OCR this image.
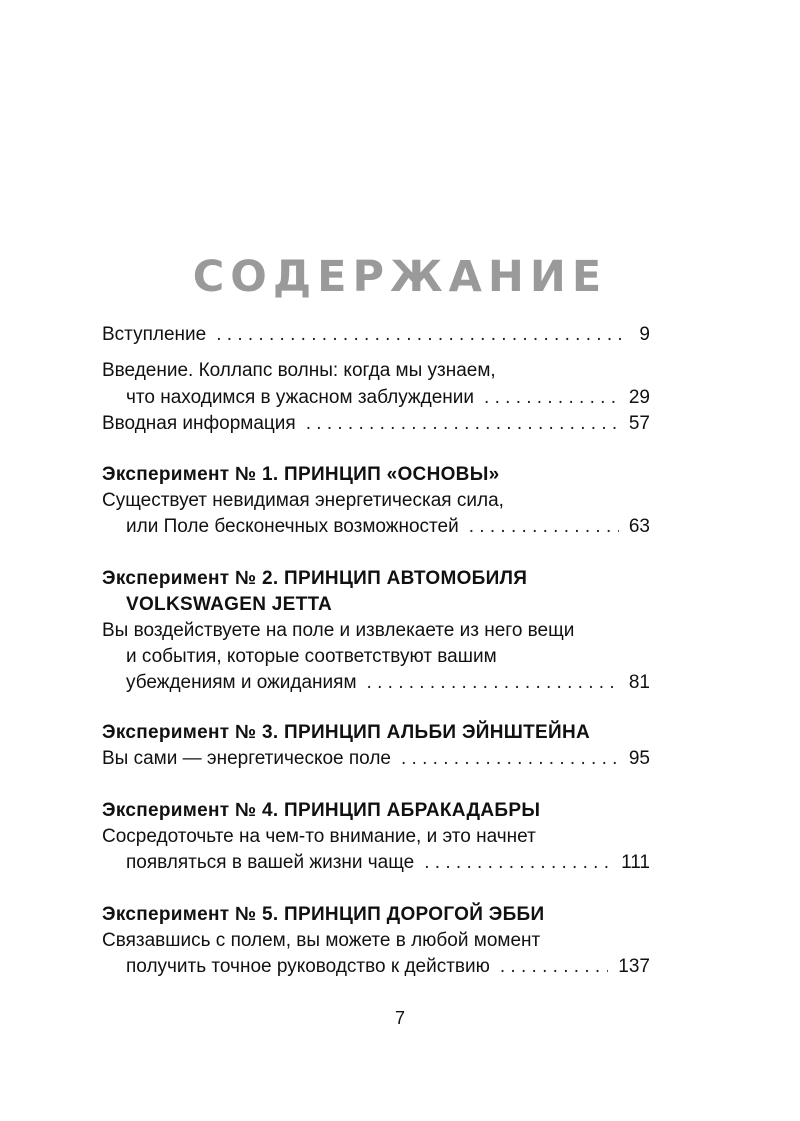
СОДЕРЖАНИЕ
Вступление . . .	9
Введение. Коллапс волны: когда мы узнаем,
что находимся в ужасном заблуждении . . .	29
Вводная информация . . .	57
Эксперимент № 1. ПРИНЦИП «ОСНОВЫ»
Существует невидимая энергетическая сила,
или Поле бесконечных возможностей . . .	63
Эксперимент № 2. ПРИНЦИП АВТОМОБИЛЯ
VOLKSWAGEN JETTA
Вы воздействуете на поле и извлекаете из него вещи
и события, которые соответствуют вашим
убеждениям и ожиданиям . . .	81
Эксперимент № 3. ПРИНЦИП АЛЬБИ ЭЙНШТЕЙНА
Вы сами — энергетическое поле . . .	95
Эксперимент № 4. ПРИНЦИП АБРАКАДАБРЫ
Сосредоточьте на чем-то внимание, и это начнет
появляться в вашей жизни чаще . . .	111
Эксперимент № 5. ПРИНЦИП ДОРОГОЙ ЭББИ
Связавшись с полем, вы можете в любой момент
получить точное руководство к действию . . .	137
7
